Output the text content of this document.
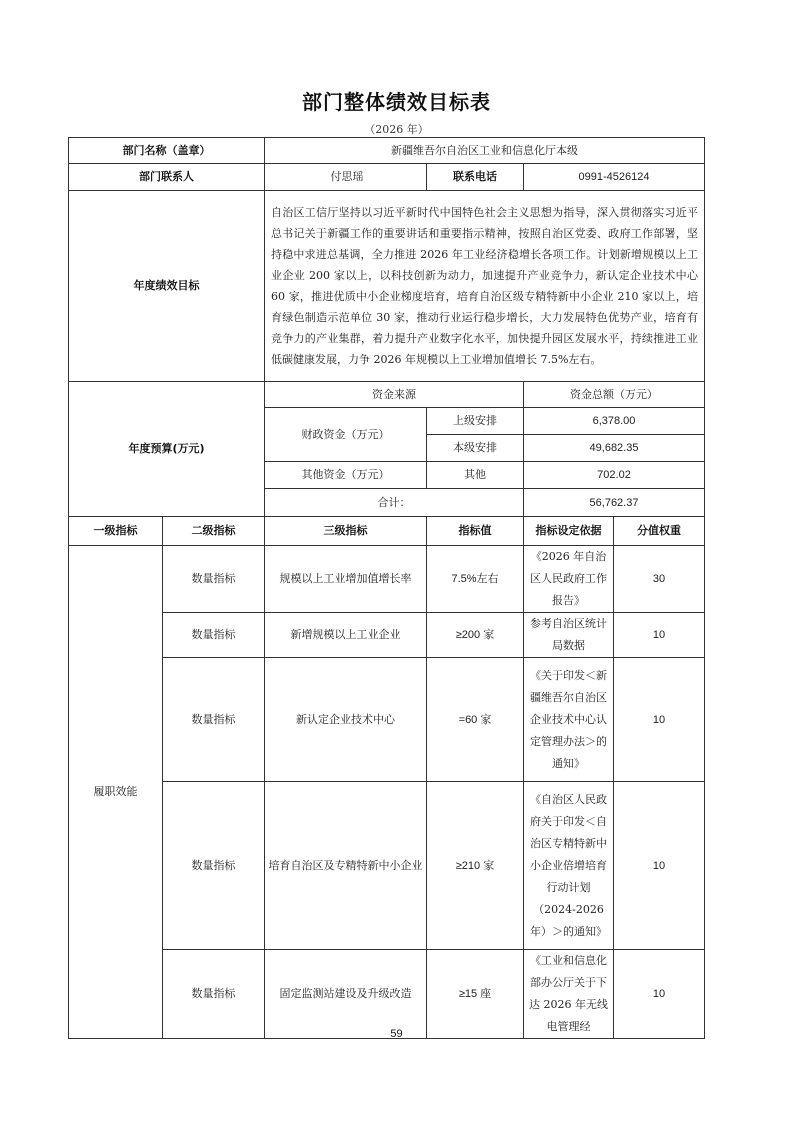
部门整体绩效目标表
（2026 年）
部门名称（盖章）		新疆维吾尔自治区工业和信息化厅本级			
部门联系人		付思瑶	联系电话	0991-4526124	
年度绩效目标		自治区工信厅坚持以习近平新时代中国特色社会主义思想为指导，深入贯彻落实习近平总书记关于新疆工作的重要讲话和重要指示精神，按照自治区党委、政府工作部署，坚持稳中求进总基调，全力推进 2026 年工业经济稳增长各项工作。计划新增规模以上工业企业 200 家以上，以科技创新为动力，加速提升产业竞争力，新认定企业技术中心 60 家，推进优质中小企业梯度培育，培育自治区级专精特新中小企业 210 家以上，培育绿色制造示范单位 30 家，推动行业运行稳步增长，大力发展特色优势产业，培育有竞争力的产业集群，着力提升产业数字化水平，加快提升园区发展水平，持续推进工业低碳健康发展，力争 2026 年规模以上工业增加值增长 7.5%左右。			
年度预算(万元)		资金来源		资金总额（万元）	
		财政资金（万元）	上级安排	6,378.00	
			本级安排	49,682.35	
		其他资金（万元）	其他	702.02	
		合计：		56,762.37	
一级指标	二级指标	三级指标	指标值	指标设定依据	分值权重
履职效能	数量指标	规模以上工业增加值增长率	7.5%左右	《2026 年自治区人民政府工作报告》	30
	数量指标	新增规模以上工业企业	≥200 家	参考自治区统计局数据	10
	数量指标	新认定企业技术中心	=60 家	《关于印发＜新疆维吾尔自治区企业技术中心认定管理办法＞的通知》	10
	数量指标	培育自治区及专精特新中小企业	≥210 家	《自治区人民政府关于印发＜自治区专精特新中小企业倍增培育行动计划（2024-2026 年）＞的通知》	10
	数量指标	固定监测站建设及升级改造	≥15 座	《工业和信息化部办公厅关于下达 2026 年无线电管理经	10
59
